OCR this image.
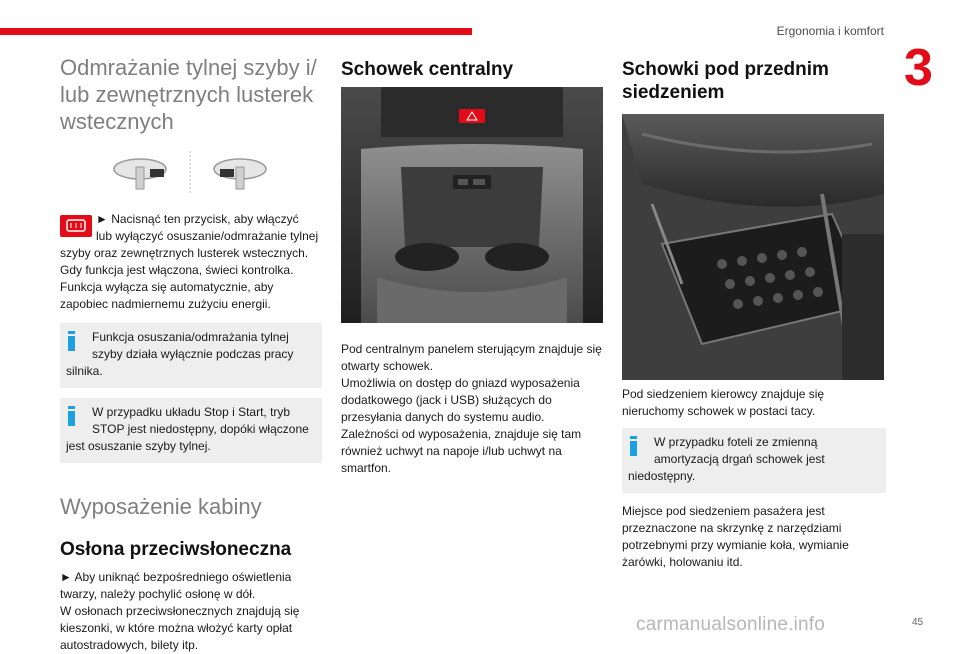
Ergonomia i komfort
3
Odmrażanie tylnej szyby i/ lub zewnętrznych lusterek wstecznych

► Nacisnąć ten przycisk, aby włączyć
lub wyłączyć osuszanie/odmrażanie tylnej
szyby oraz zewnętrznych lusterek wstecznych.
Gdy funkcja jest włączona, świeci kontrolka.
Funkcja wyłącza się automatycznie, aby
zapobiec nadmiernemu zużyciu energii.

Funkcja osuszania/odmrażania tylnej
szyby działa wyłącznie podczas pracy
silnika.
W przypadku układu Stop i Start, tryb
STOP jest niedostępny, dopóki włączone
jest osuszanie szyby tylnej.
Wyposażenie kabiny
Osłona przeciwsłoneczna

► Aby uniknąć bezpośredniego oświetlenia
twarzy, należy pochylić osłonę w dół.
W osłonach przeciwsłonecznych znajdują się
kieszonki, w które można włożyć karty opłat
autostradowych, bilety itp.

Schowek centralny

Pod centralnym panelem sterującym znajduje się
otwarty schowek.
Umożliwia on dostęp do gniazd wyposażenia
dodatkowego (jack i USB) służących do
przesyłania danych do systemu audio.
Zależności od wyposażenia, znajduje się tam
również uchwyt na napoje i/lub uchwyt na
smartfon.

Schowki pod przednim siedzeniem

Pod siedzeniem kierowcy znajduje się
nieruchomy schowek w postaci tacy.

W przypadku foteli ze zmienną
amortyzacją drgań schowek jest
niedostępny.

Miejsce pod siedzeniem pasażera jest
przeznaczone na skrzynkę z narzędziami
potrzebnymi przy wymianie koła, wymianie
żarówki, holowaniu itd.

carmanualsonline.info	45
